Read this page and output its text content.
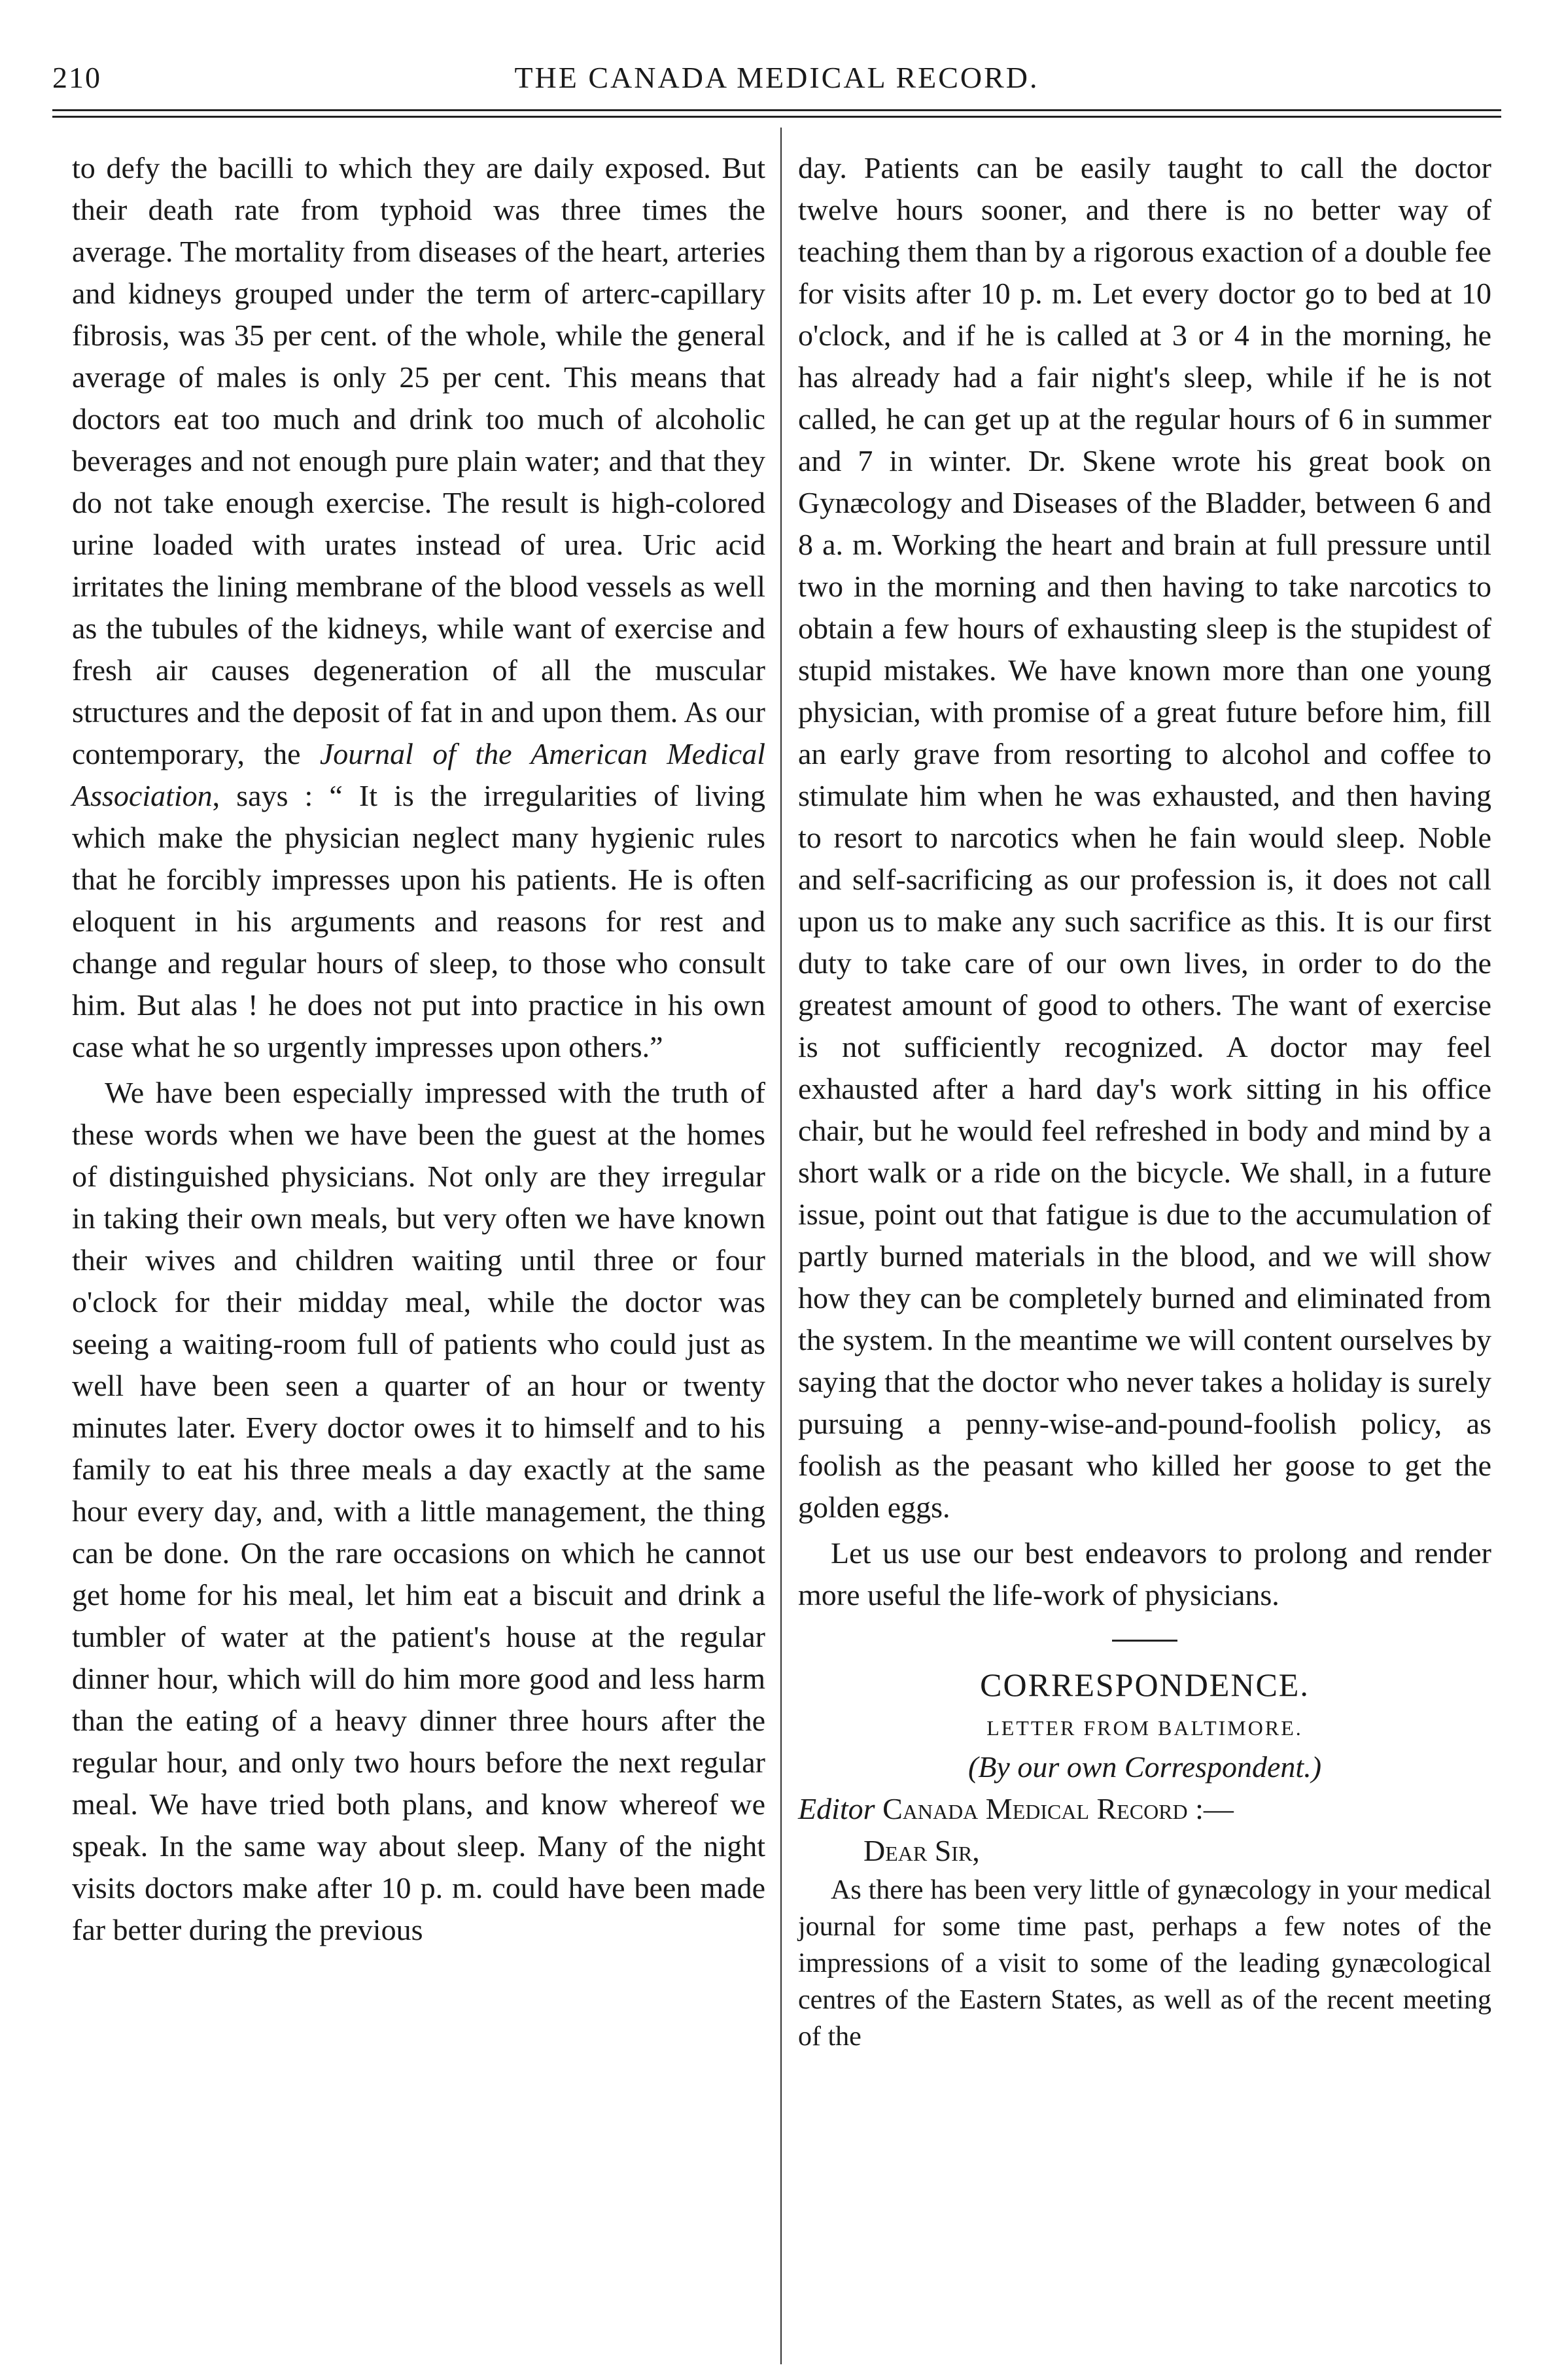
210	THE CANADA MEDICAL RECORD.

to defy the bacilli to which they are daily exposed. But their death rate from typhoid was three times the average. The mortality from diseases of the heart, arteries and kidneys grouped under the term of arterc-capillary fibrosis, was 35 per cent. of the whole, while the general average of males is only 25 per cent. This means that doctors eat too much and drink too much of alcoholic beverages and not enough pure plain water; and that they do not take enough exercise. The result is high-colored urine loaded with urates instead of urea. Uric acid irritates the lining membrane of the blood vessels as well as the tubules of the kidneys, while want of exercise and fresh air causes degeneration of all the muscular structures and the deposit of fat in and upon them. As our contemporary, the Journal of the American Medical Association, says : “ It is the irregularities of living which make the physician neglect many hygienic rules that he forcibly impresses upon his patients. He is often eloquent in his arguments and reasons for rest and change and regular hours of sleep, to those who consult him. But alas ! he does not put into practice in his own case what he so urgently impresses upon others.”

We have been especially impressed with the truth of these words when we have been the guest at the homes of distinguished physicians. Not only are they irregular in taking their own meals, but very often we have known their wives and children waiting until three or four o'clock for their midday meal, while the doctor was seeing a waiting-room full of patients who could just as well have been seen a quarter of an hour or twenty minutes later. Every doctor owes it to himself and to his family to eat his three meals a day exactly at the same hour every day, and, with a little management, the thing can be done. On the rare occasions on which he cannot get home for his meal, let him eat a biscuit and drink a tumbler of water at the patient's house at the regular dinner hour, which will do him more good and less harm than the eating of a heavy dinner three hours after the regular hour, and only two hours before the next regular meal. We have tried both plans, and know whereof we speak. In the same way about sleep. Many of the night visits doctors make after 10 p. m. could have been made far better during the previous

day. Patients can be easily taught to call the doctor twelve hours sooner, and there is no better way of teaching them than by a rigorous exaction of a double fee for visits after 10 p. m. Let every doctor go to bed at 10 o'clock, and if he is called at 3 or 4 in the morning, he has already had a fair night's sleep, while if he is not called, he can get up at the regular hours of 6 in summer and 7 in winter. Dr. Skene wrote his great book on Gynæcology and Diseases of the Bladder, between 6 and 8 a. m. Working the heart and brain at full pressure until two in the morning and then having to take narcotics to obtain a few hours of exhausting sleep is the stupidest of stupid mistakes. We have known more than one young physician, with promise of a great future before him, fill an early grave from resorting to alcohol and coffee to stimulate him when he was exhausted, and then having to resort to narcotics when he fain would sleep. Noble and self-sacrificing as our profession is, it does not call upon us to make any such sacrifice as this. It is our first duty to take care of our own lives, in order to do the greatest amount of good to others. The want of exercise is not sufficiently recognized. A doctor may feel exhausted after a hard day's work sitting in his office chair, but he would feel refreshed in body and mind by a short walk or a ride on the bicycle. We shall, in a future issue, point out that fatigue is due to the accumulation of partly burned materials in the blood, and we will show how they can be completely burned and eliminated from the system. In the meantime we will content ourselves by saying that the doctor who never takes a holiday is surely pursuing a penny-wise-and-pound-foolish policy, as foolish as the peasant who killed her goose to get the golden eggs.

Let us use our best endeavors to prolong and render more useful the life-work of physicians.

CORRESPONDENCE.
LETTER FROM BALTIMORE.
(By our own Correspondent.)
Editor Canada Medical Record :—
Dear Sir,

As there has been very little of gynæcology in your medical journal for some time past, perhaps a few notes of the impressions of a visit to some of the leading gynæcological centres of the Eastern States, as well as of the recent meeting of the
